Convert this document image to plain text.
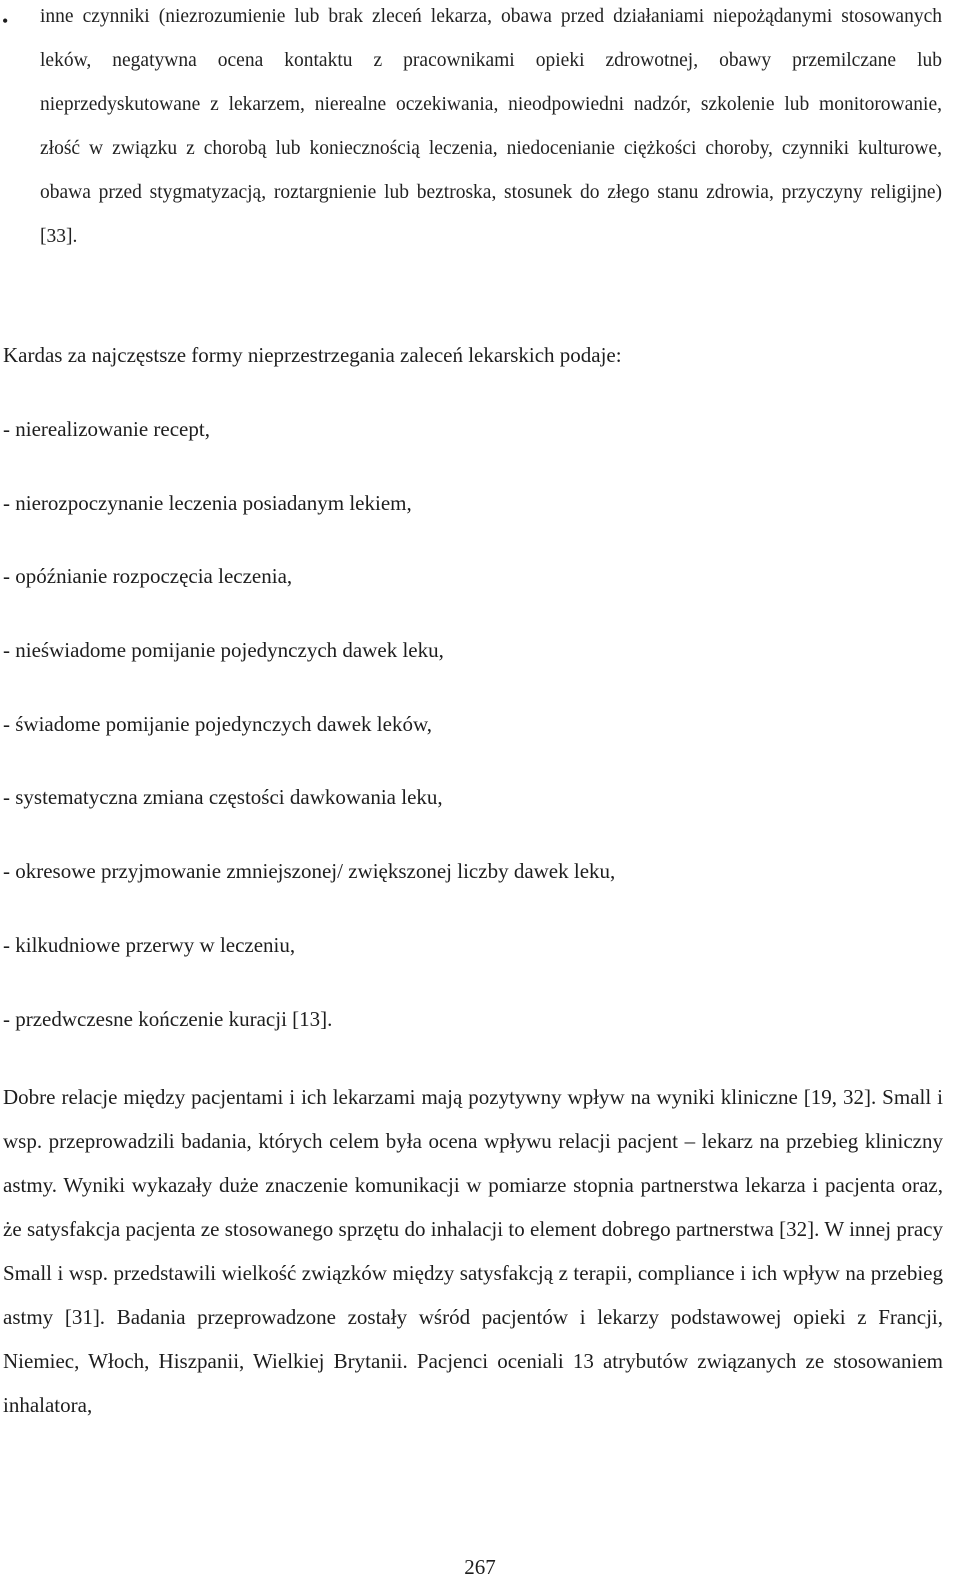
• inne czynniki (niezrozumienie lub brak zleceń lekarza, obawa przed działaniami niepożądanymi stosowanych leków, negatywna ocena kontaktu z pracownikami opieki zdrowotnej, obawy przemilczane lub nieprzedyskutowane z lekarzem, nierealne oczekiwania, nieodpowiedni nadzór, szkolenie lub monitorowanie, złość w związku z chorobą lub koniecznością leczenia, niedocenianie ciężkości choroby, czynniki kulturowe, obawa przed stygmatyzacją, roztargnienie lub beztroska, stosunek do złego stanu zdrowia, przyczyny religijne) [33].
Kardas za najczęstsze formy nieprzestrzegania zaleceń lekarskich podaje:
- nierealizowanie recept,
- nierozpoczynanie leczenia posiadanym lekiem,
- opóźnianie rozpoczęcia leczenia,
- nieświadome pomijanie pojedynczych dawek leku,
- świadome pomijanie pojedynczych dawek leków,
- systematyczna zmiana częstości dawkowania leku,
- okresowe przyjmowanie zmniejszonej/ zwiększonej liczby dawek leku,
- kilkudniowe przerwy w leczeniu,
- przedwczesne kończenie kuracji [13].
Dobre relacje między pacjentami i ich lekarzami mają pozytywny wpływ na wyniki kliniczne [19, 32]. Small i wsp. przeprowadzili badania, których celem była ocena wpływu relacji pacjent – lekarz na przebieg kliniczny astmy. Wyniki wykazały duże znaczenie komunikacji w pomiarze stopnia partnerstwa lekarza i pacjenta oraz, że satysfakcja pacjenta ze stosowanego sprzętu do inhalacji to element dobrego partnerstwa [32]. W innej pracy Small i wsp. przedstawili wielkość związków między satysfakcją z terapii, compliance i ich wpływ na przebieg astmy [31]. Badania przeprowadzone zostały wśród pacjentów i lekarzy podstawowej opieki z Francji, Niemiec, Włoch, Hiszpanii, Wielkiej Brytanii. Pacjenci oceniali 13 atrybutów związanych ze stosowaniem inhalatora,
267
